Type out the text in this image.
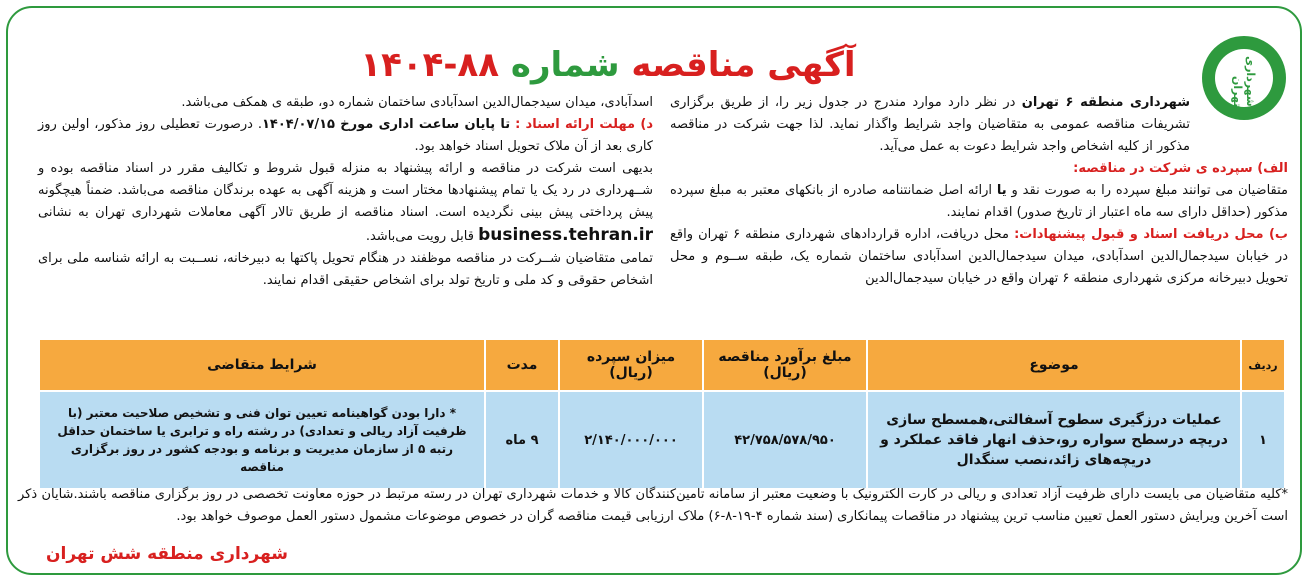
شهرداری تهران
آگهی مناقصه شماره ۸۸-۱۴۰۴

شهرداری منطقه ۶ تهران در نظر دارد موارد مندرج در جدول زیر را، از طریق برگزاری تشریفات مناقصه عمومی به متقاضیان واجد شرایط واگذار نماید. لذا جهت شرکت در مناقصه مذکور از کلیه اشخاص واجد شرایط دعوت به عمل می‌آید.

الف) سپرده ی شرکت در مناقصه:

متقاضیان می توانند مبلغ سپرده را به صورت نقد و یا ارائه اصل ضمانتنامه صادره از بانکهای معتبر به مبلغ سپرده مذکور (حداقل دارای سه ماه اعتبار از تاریخ صدور) اقدام نمایند.

ب) محل دریافت اسناد و قبول پیشنهادات: محل دریافت، اداره قراردادهای شهرداری منطقه ۶ تهران واقع در خیابان سیدجمال‌الدین اسدآبادی، میدان سیدجمال‌الدین اسدآبادی ساختمان شماره یک، طبقه ســوم و محل تحویل دبیرخانه مرکزی شهرداری منطقه ۶ تهران واقع در خیابان سیدجمال‌الدین

اسدآبادی، میدان سیدجمال‌الدین اسدآبادی ساختمان شماره دو، طبقه ی همکف می‌باشد.

د) مهلت ارائه اسناد : تا پایان ساعت اداری مورخ ۱۴۰۴/۰۷/۱۵. درصورت تعطیلی روز مذکور، اولین روز کاری بعد از آن ملاک تحویل اسناد خواهد بود.

بدیهی است شرکت در مناقصه و ارائه پیشنهاد به منزله قبول شروط و تکالیف مقرر در اسناد مناقصه بوده و شــهرداری در رد یک یا تمام پیشنهادها مختار است و هزینه آگهی به عهده برندگان مناقصه می‌باشد. ضمناً هیچگونه پیش پرداختی پیش بینی نگردیده است. اسناد مناقصه از طریق تالار آگهی معاملات شهرداری تهران به نشانی business.tehran.ir قابل رویت می‌باشد.

تمامی متقاضیان شــرکت در مناقصه موظفند در هنگام تحویل پاکتها به دبیرخانه، نســبت به ارائه شناسه ملی برای اشخاص حقوقی و کد ملی و تاریخ تولد برای اشخاص حقیقی اقدام نمایند.

ردیف	موضوع	مبلغ برآورد مناقصه (ریال)	میزان سپرده (ریال)	مدت	شرایط متقاضی
۱	عملیات درزگیری سطوح آسفالتی،همسطح سازی دریچه درسطح سواره رو،حذف انهار فاقد عملکرد و دریچه‌های زائد،نصب سنگدال	۴۲/۷۵۸/۵۷۸/۹۵۰	۲/۱۴۰/۰۰۰/۰۰۰	۹ ماه	* دارا بودن گواهینامه تعیین توان فنی و تشخیص صلاحیت معتبر (با ظرفیت آزاد ریالی و تعدادی) در رشته راه و ترابری یا ساختمان حداقل رتبه ۵ از سازمان مدیریت و برنامه و بودجه کشور در روز برگزاری مناقصه
*کلیه متقاضیان می بایست دارای ظرفیت آزاد تعدادی و ریالی در کارت الکترونیک با وضعیت معتبر از سامانه تامین‌کنندگان کالا و خدمات شهرداری تهران در رسته مرتبط در حوزه معاونت تخصصی در روز برگزاری مناقصه باشند.شایان ذکر است آخرین ویرایش دستور العمل تعیین مناسب ترین پیشنهاد در مناقصات پیمانکاری (سند شماره ۴-۱۹-۸-۶) ملاک ارزیابی قیمت مناقصه گران در خصوص موضوعات مشمول دستور العمل موصوف خواهد بود.
شهرداری منطقه شش تهران
